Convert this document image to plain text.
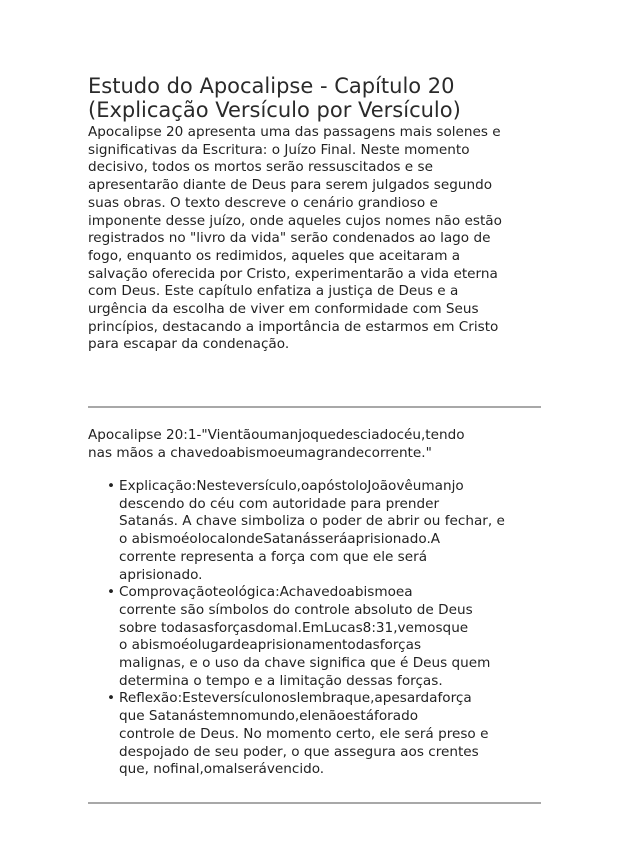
Estudo do Apocalipse - Capítulo 20
(Explicação Versículo por Versículo)

Apocalipse 20 apresenta uma das passagens mais solenes e
significativas da Escritura: o Juízo Final. Neste momento
decisivo, todos os mortos serão ressuscitados e se
apresentarão diante de Deus para serem julgados segundo
suas obras. O texto descreve o cenário grandioso e
imponente desse juízo, onde aqueles cujos nomes não estão
registrados no "livro da vida" serão condenados ao lago de
fogo, enquanto os redimidos, aqueles que aceitaram a
salvação oferecida por Cristo, experimentarão a vida eterna
com Deus. Este capítulo enfatiza a justiça de Deus e a
urgência da escolha de viver em conformidade com Seus
princípios, destacando a importância de estarmos em Cristo
para escapar da condenação.

Apocalipse 20:1-"Vientãoumanjoquedesciadocéu,tendo
nas mãos a chavedoabismoeumagrandecorrente."

• Explicação:Nesteversículo,oapóstoloJoãovêumanjo
descendo do céu com autoridade para prender
Satanás. A chave simboliza o poder de abrir ou fechar, e
o abismoéolocalondeSatanásseráaprisionado.A
corrente representa a força com que ele será
aprisionado.
• Comprovaçãoteológica:Achavedoabismoea
corrente são símbolos do controle absoluto de Deus
sobre todasasforçasdomal.EmLucas8:31,vemosque
o abismoéolugardeaprisionamentodasforças
malignas, e o uso da chave significa que é Deus quem
determina o tempo e a limitação dessas forças.
• Reflexão:Esteversículonoslembraque,apesardaforça
que Satanástemnomundo,elenãoestáforado
controle de Deus. No momento certo, ele será preso e
despojado de seu poder, o que assegura aos crentes
que, nofinal,omalserávencido.
